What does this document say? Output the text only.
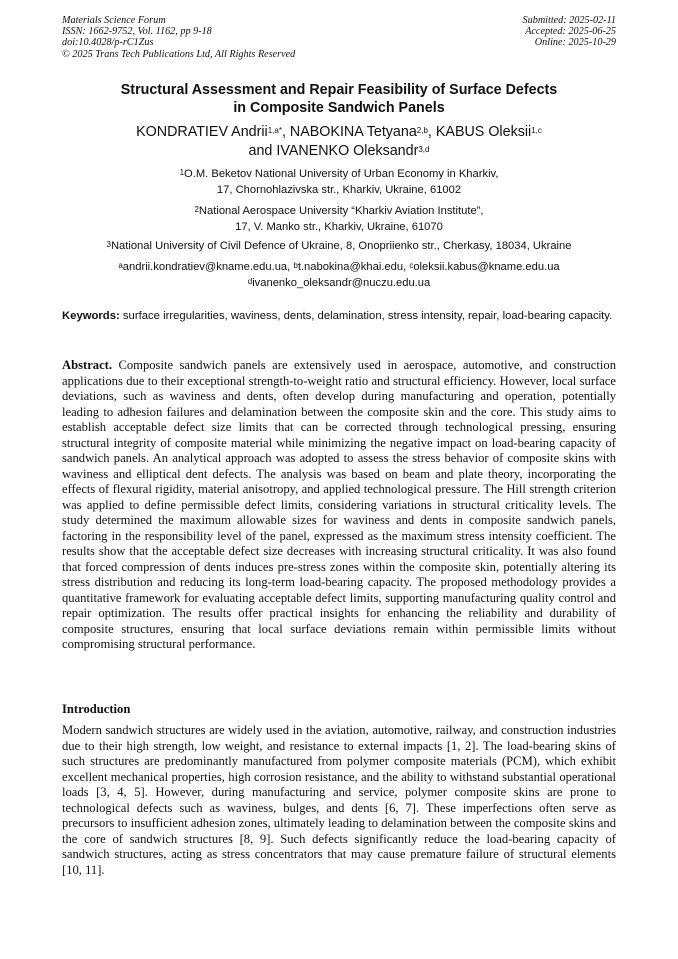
Materials Science Forum
ISSN: 1662-9752, Vol. 1162, pp 9-18
doi:10.4028/p-rC1Zus
© 2025 Trans Tech Publications Ltd, All Rights Reserved
Submitted: 2025-02-11
Accepted: 2025-06-25
Online: 2025-10-29
Structural Assessment and Repair Feasibility of Surface Defects
in Composite Sandwich Panels
KONDRATIEV Andrii$^{1,a*}$, NABOKINA Tetyana$^{2,b}$, KABUS Oleksii$^{1,c}$
and IVANENKO Oleksandr$^{3,d}$
$^1$O.M. Beketov National University of Urban Economy in Kharkiv,
17, Chornohlazivska str., Kharkiv, Ukraine, 61002
$^2$National Aerospace University “Kharkiv Aviation Institute”,
17, V. Manko str., Kharkiv, Ukraine, 61070
$^3$National University of Civil Defence of Ukraine, 8, Onopriienko str., Cherkasy, 18034, Ukraine
$^a$andrii.kondratiev@kname.edu.ua, $^b$t.nabokina@khai.edu, $^c$oleksii.kabus@kname.edu.ua
$^d$ivanenko_oleksandr@nuczu.edu.ua
Keywords: surface irregularities, waviness, dents, delamination, stress intensity, repair, load-bearing capacity.
Abstract. Composite sandwich panels are extensively used in aerospace, automotive, and construction applications due to their exceptional strength-to-weight ratio and structural efficiency. However, local surface deviations, such as waviness and dents, often develop during manufacturing and operation, potentially leading to adhesion failures and delamination between the composite skin and the core. This study aims to establish acceptable defect size limits that can be corrected through technological pressing, ensuring structural integrity of composite material while minimizing the negative impact on load-bearing capacity of sandwich panels. An analytical approach was adopted to assess the stress behavior of composite skins with waviness and elliptical dent defects. The analysis was based on beam and plate theory, incorporating the effects of flexural rigidity, material anisotropy, and applied technological pressure. The Hill strength criterion was applied to define permissible defect limits, considering variations in structural criticality levels. The study determined the maximum allowable sizes for waviness and dents in composite sandwich panels, factoring in the responsibility level of the panel, expressed as the maximum stress intensity coefficient. The results show that the acceptable defect size decreases with increasing structural criticality. It was also found that forced compression of dents induces pre-stress zones within the composite skin, potentially altering its stress distribution and reducing its long-term load-bearing capacity. The proposed methodology provides a quantitative framework for evaluating acceptable defect limits, supporting manufacturing quality control and repair optimization. The results offer practical insights for enhancing the reliability and durability of composite structures, ensuring that local surface deviations remain within permissible limits without compromising structural performance.
Introduction
Modern sandwich structures are widely used in the aviation, automotive, railway, and construction industries due to their high strength, low weight, and resistance to external impacts [1, 2]. The load-bearing skins of such structures are predominantly manufactured from polymer composite materials (PCM), which exhibit excellent mechanical properties, high corrosion resistance, and the ability to withstand substantial operational loads [3, 4, 5]. However, during manufacturing and service, polymer composite skins are prone to technological defects such as waviness, bulges, and dents [6, 7]. These imperfections often serve as precursors to insufficient adhesion zones, ultimately leading to delamination between the composite skins and the core of sandwich structures [8, 9]. Such defects significantly reduce the load-bearing capacity of sandwich structures, acting as stress concentrators that may cause premature failure of structural elements [10, 11].
